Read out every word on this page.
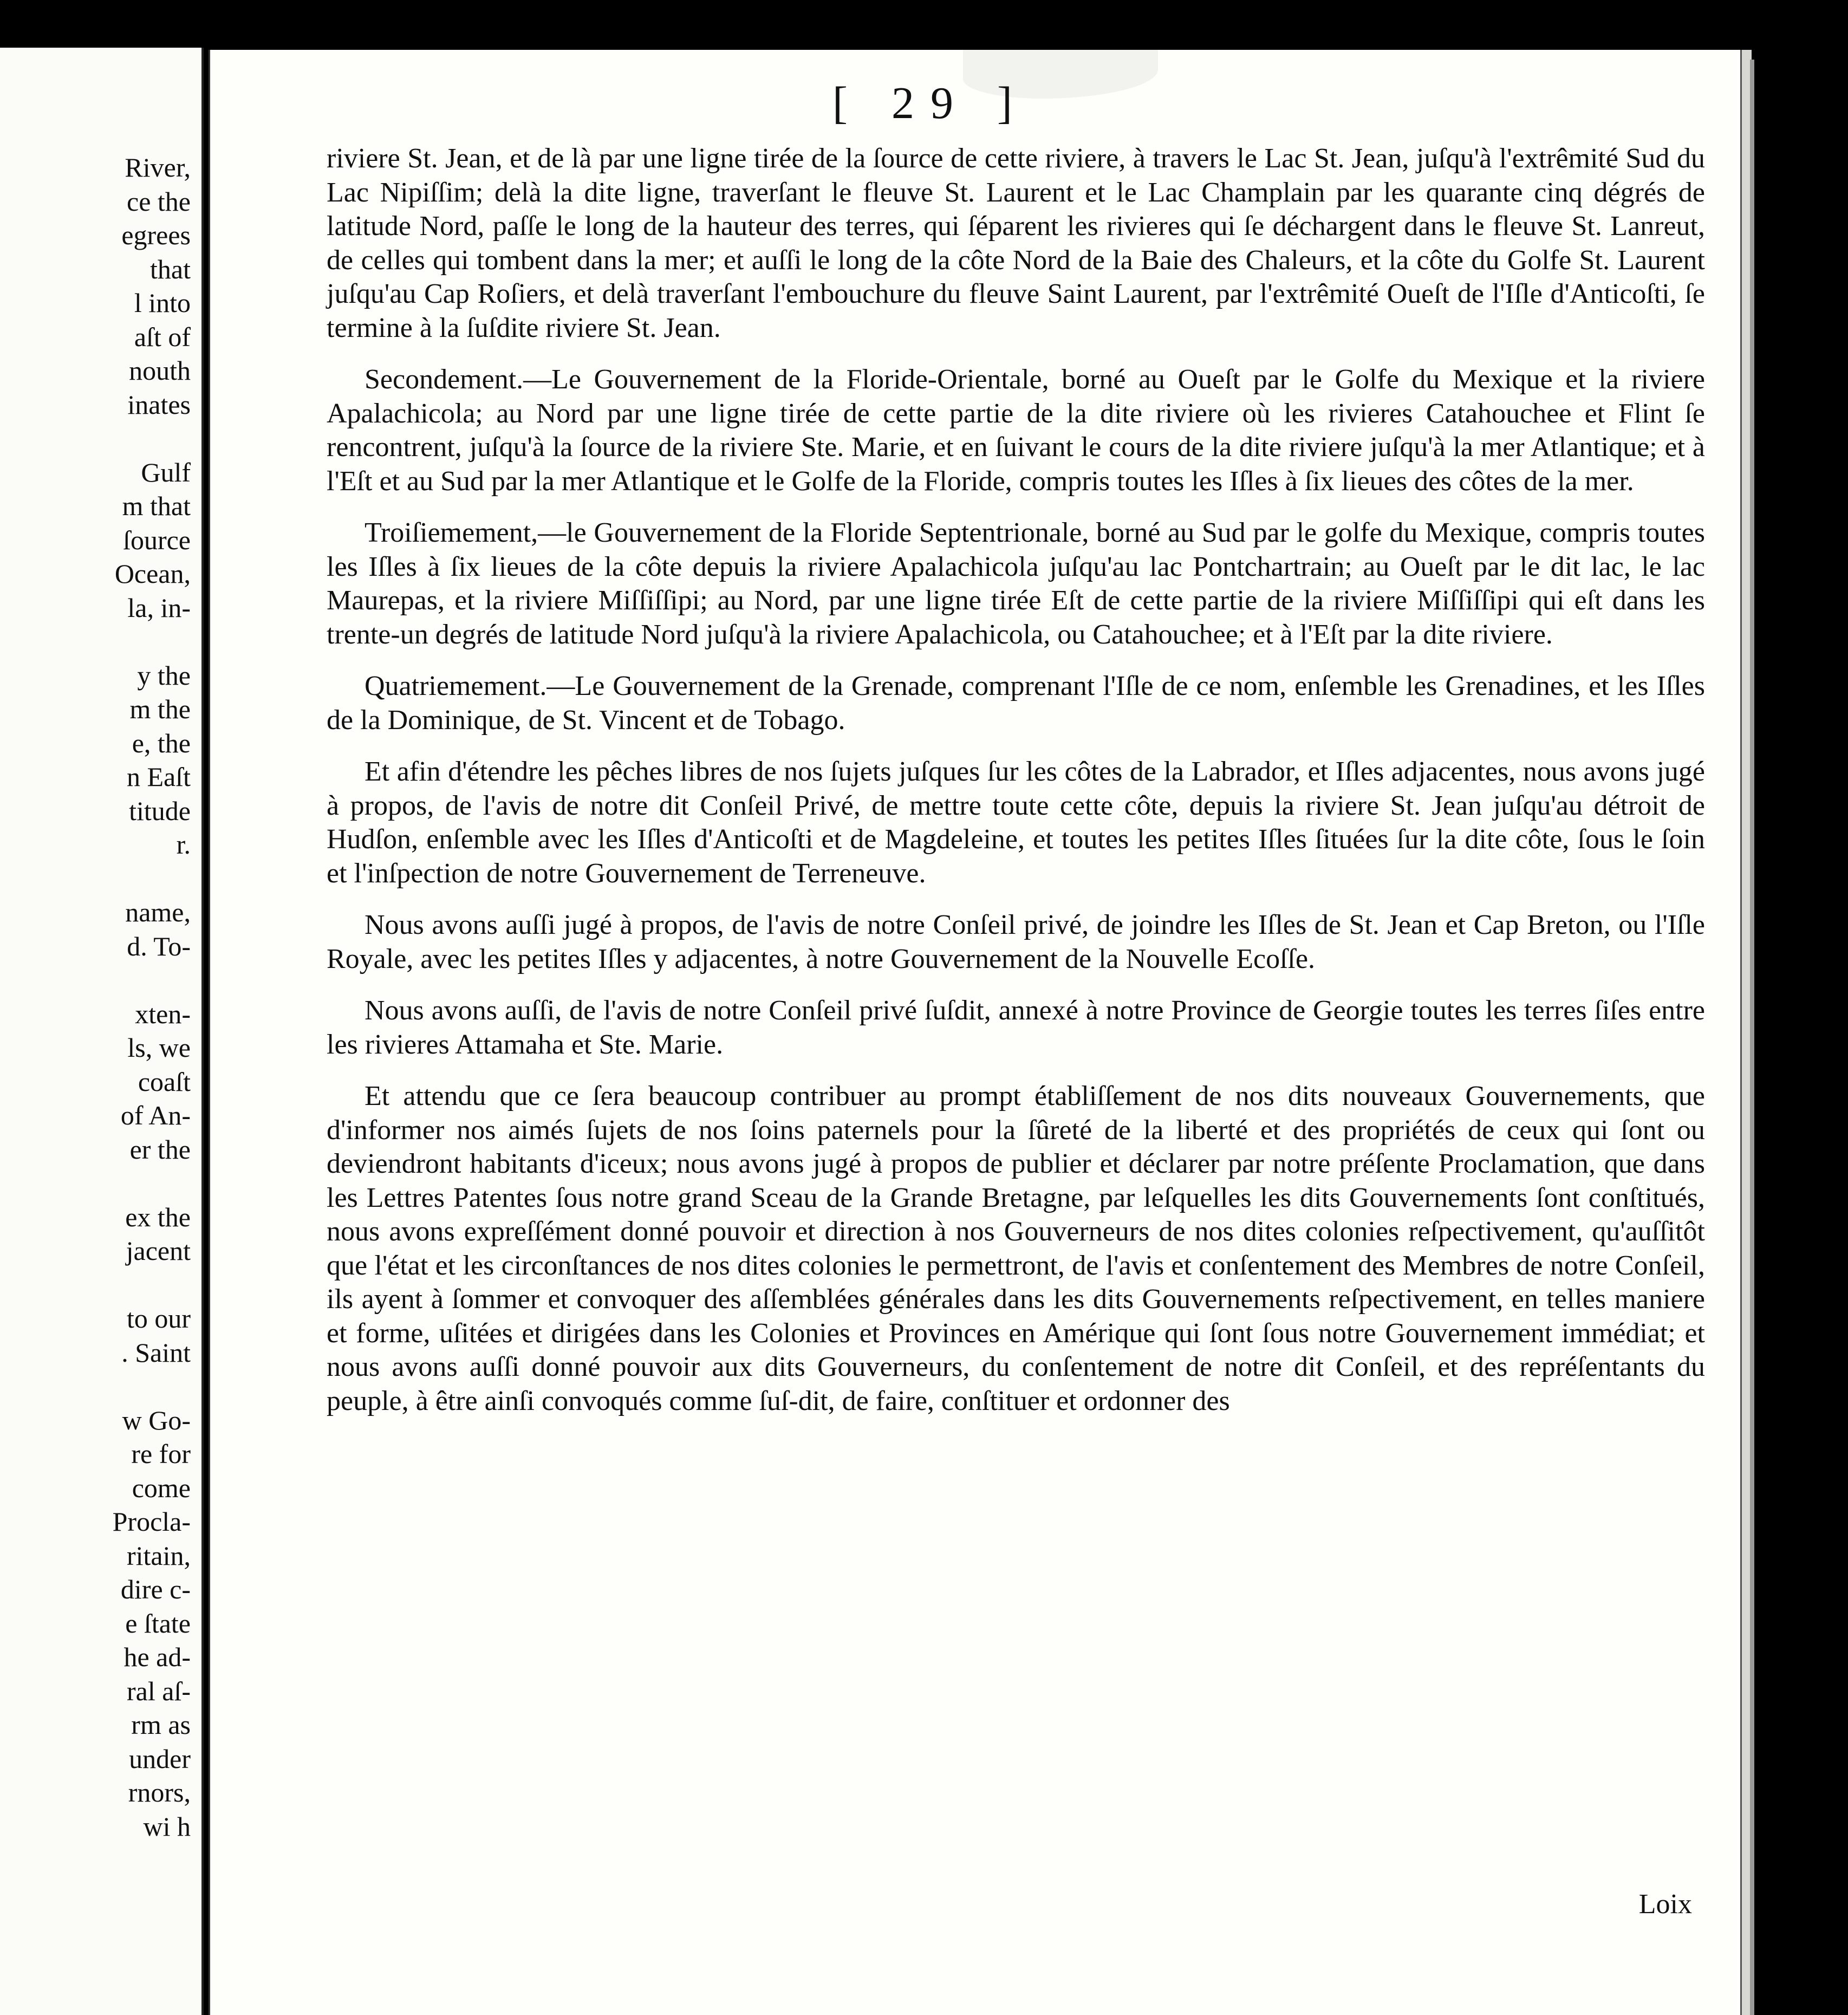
River,
ce the
egrees
that
l into
aſt of
nouth
inates
Gulf
m that
ſource
Ocean,
la, in-
y the
m the
e, the
n Eaſt
titude
r.
name,
d. To-
xten-
ls, we
coaſt
of An-
er the
ex the
jacent
to our
. Saint
w Go-
re for
come
Procla-
ritain,
dire c-
e ſtate
he ad-
ral aſ-
rm as
under
rnors,
wi h
[ 29 ]

riviere St. Jean, et de là par une ligne tirée de la ſource de cette riviere, à travers le Lac St. Jean, juſqu'à l'extrêmité Sud du Lac Nipiſſim; delà la dite ligne, traverſant le fleuve St. Laurent et le Lac Champlain par les quarante cinq dégrés de latitude Nord, paſſe le long de la hauteur des terres, qui ſéparent les rivieres qui ſe déchargent dans le fleuve St. Lanreut, de celles qui tombent dans la mer; et auſſi le long de la côte Nord de la Baie des Chaleurs, et la côte du Golfe St. Laurent juſqu'au Cap Roſiers, et delà traverſant l'embouchure du fleuve Saint Laurent, par l'extrêmité Oueſt de l'Iſle d'Anticoſti, ſe termine à la ſuſdite riviere St. Jean.

Secondement.—Le Gouvernement de la Floride-Orientale, borné au Oueſt par le Golfe du Mexique et la riviere Apalachicola; au Nord par une ligne tirée de cette partie de la dite riviere où les rivieres Catahouchee et Flint ſe rencontrent, juſqu'à la ſource de la riviere Ste. Marie, et en ſuivant le cours de la dite riviere juſqu'à la mer Atlantique; et à l'Eſt et au Sud par la mer Atlantique et le Golfe de la Floride, compris toutes les Iſles à ſix lieues des côtes de la mer.

Troiſiemement,—le Gouvernement de la Floride Septentrionale, borné au Sud par le golfe du Mexique, compris toutes les Iſles à ſix lieues de la côte depuis la riviere Apalachicola juſqu'au lac Pontchartrain; au Oueſt par le dit lac, le lac Maurepas, et la riviere Miſſiſſipi; au Nord, par une ligne tirée Eſt de cette partie de la riviere Miſſiſſipi qui eſt dans les trente-un degrés de latitude Nord juſqu'à la riviere Apalachicola, ou Catahouchee; et à l'Eſt par la dite riviere.

Quatriemement.—Le Gouvernement de la Grenade, comprenant l'Iſle de ce nom, enſemble les Grenadines, et les Iſles de la Dominique, de St. Vincent et de Tobago.

Et afin d'étendre les pêches libres de nos ſujets juſques ſur les côtes de la Labrador, et Iſles adjacentes, nous avons jugé à propos, de l'avis de notre dit Conſeil Privé, de mettre toute cette côte, depuis la riviere St. Jean juſqu'au détroit de Hudſon, enſemble avec les Iſles d'Anticoſti et de Magdeleine, et toutes les petites Iſles ſituées ſur la dite côte, ſous le ſoin et l'inſpection de notre Gouvernement de Terreneuve.

Nous avons auſſi jugé à propos, de l'avis de notre Conſeil privé, de joindre les Iſles de St. Jean et Cap Breton, ou l'Iſle Royale, avec les petites Iſles y adjacentes, à notre Gouvernement de la Nouvelle Ecoſſe.

Nous avons auſſi, de l'avis de notre Conſeil privé ſuſdit, annexé à notre Province de Georgie toutes les terres ſiſes entre les rivieres Attamaha et Ste. Marie.

Et attendu que ce ſera beaucoup contribuer au prompt établiſſement de nos dits nouveaux Gouvernements, que d'informer nos aimés ſujets de nos ſoins paternels pour la ſûreté de la liberté et des propriétés de ceux qui ſont ou deviendront habitants d'iceux; nous avons jugé à propos de publier et déclarer par notre préſente Proclamation, que dans les Lettres Patentes ſous notre grand Sceau de la Grande Bretagne, par leſquelles les dits Gouvernements ſont conſtitués, nous avons expreſſément donné pouvoir et direction à nos Gouverneurs de nos dites colonies reſpectivement, qu'auſſitôt que l'état et les circonſtances de nos dites colonies le permettront, de l'avis et conſentement des Membres de notre Conſeil, ils ayent à ſommer et convoquer des aſſemblées générales dans les dits Gouvernements reſpectivement, en telles maniere et forme, uſitées et dirigées dans les Colonies et Provinces en Amérique qui ſont ſous notre Gouvernement immédiat; et nous avons auſſi donné pouvoir aux dits Gouverneurs, du conſentement de notre dit Conſeil, et des repréſentants du peuple, à être ainſi convoqués comme ſuſ-dit, de faire, conſtituer et ordonner des

Loix
